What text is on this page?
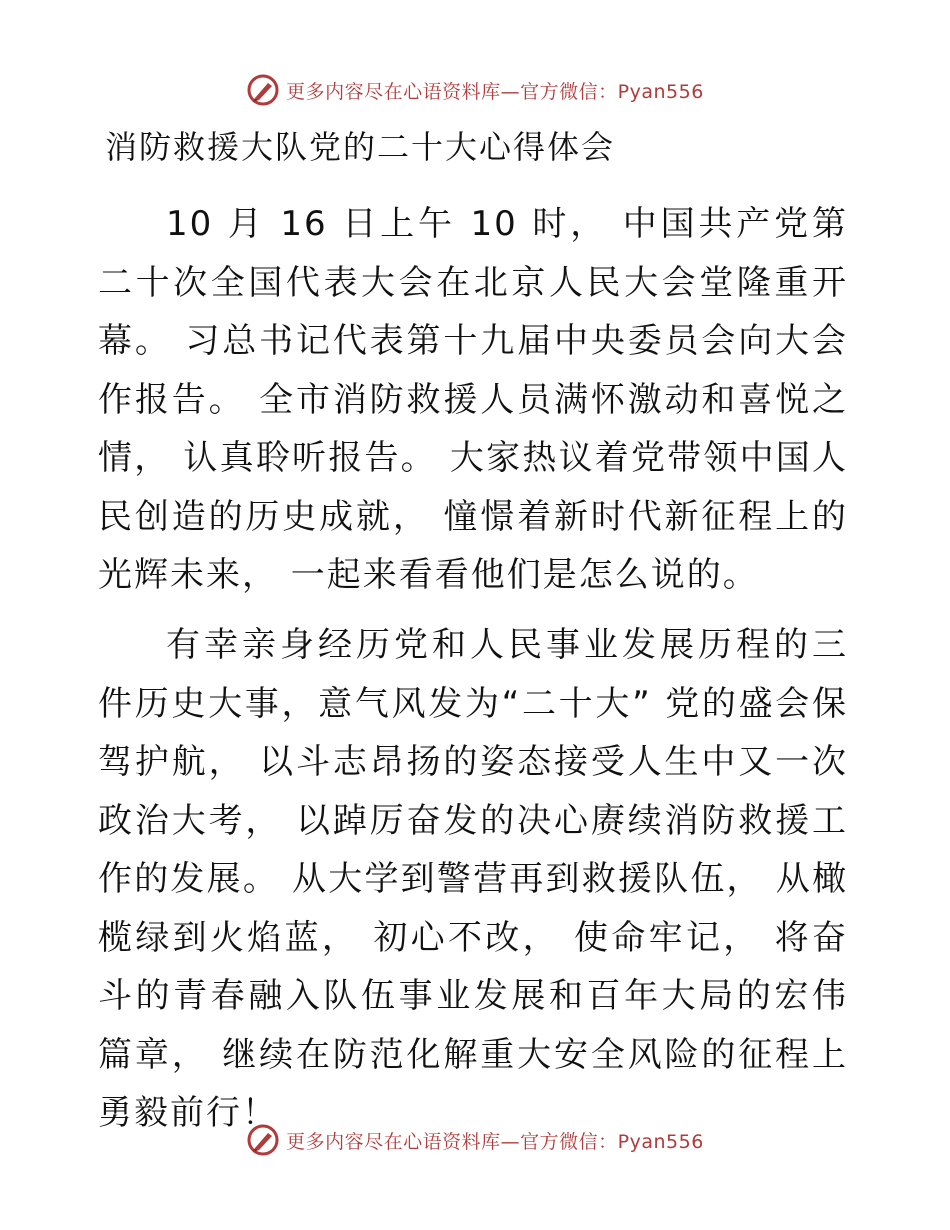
更多内容尽在心语资料库—官方微信：Pyan556
消防救援大队党的二十大心得体会

10 月 16 日上午 10 时， 中国共产党第二十次全国代表大会在北京人民大会堂隆重开幕。 习总书记代表第十九届中央委员会向大会作报告。 全市消防救援人员满怀激动和喜悦之情， 认真聆听报告。 大家热议着党带领中国人民创造的历史成就， 憧憬着新时代新征程上的光辉未来， 一起来看看他们是怎么说的。

有幸亲身经历党和人民事业发展历程的三件历史大事，意气风发为“二十大” 党的盛会保驾护航， 以斗志昂扬的姿态接受人生中又一次政治大考， 以踔厉奋发的决心赓续消防救援工作的发展。 从大学到警营再到救援队伍， 从橄榄绿到火焰蓝， 初心不改， 使命牢记， 将奋斗的青春融入队伍事业发展和百年大局的宏伟篇章， 继续在防范化解重大安全风险的征程上勇毅前行！

更多内容尽在心语资料库—官方微信：Pyan556
